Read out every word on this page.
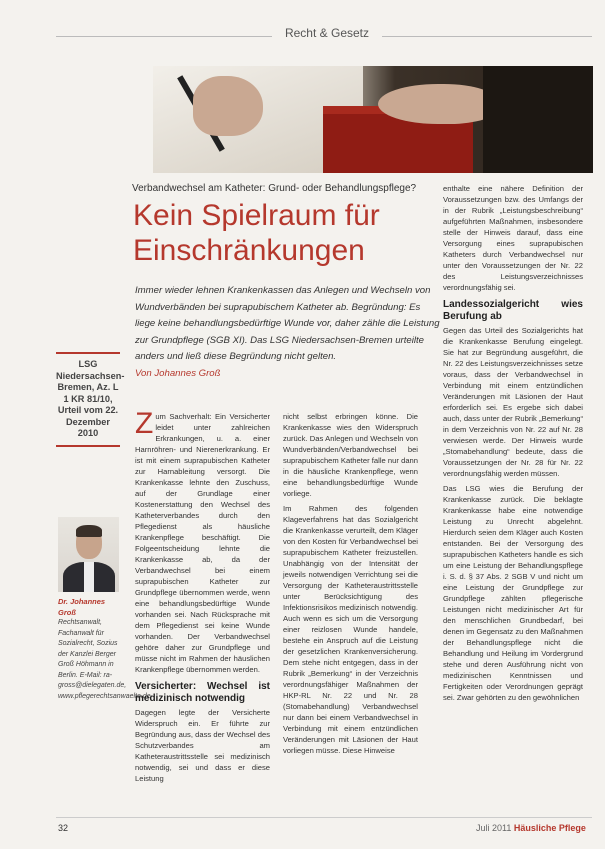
Recht & Gesetz
Verbandwechsel am Katheter: Grund- oder Behandlungspflege?
Kein Spielraum für Einschränkungen
Immer wieder lehnen Krankenkassen das Anlegen und Wechseln von Wundverbänden bei suprapubischem Katheter ab. Begründung: Es liege keine behandlungsbedürftige Wunde vor, daher zähle die Leistung zur Grundpflege (SGB XI). Das LSG Niedersachsen-Bremen urteilte anders und ließ diese Begründung nicht gelten.
Von Johannes Groß
LSG Niedersachsen-Bremen, Az. L 1 KR 81/10, Urteil vom 22. Dezember 2010
Dr. Johannes Groß
Rechtsanwalt, Fachanwalt für Sozialrecht, Sozius der Kanzlei Berger Groß Höhmann in Berlin. E-Mail: ra-gross@dielegaten.de, www.pflegerechtsanwaelte.de
Z um Sachverhalt: Ein Versicherter leidet unter zahlreichen Erkrankungen, u. a. einer Harnröhren- und Nierenerkrankung. Er ist mit einem suprapubischen Katheter zur Harnableitung versorgt. Die Krankenkasse lehnte den Zuschuss, auf der Grundlage einer Kostenerstattung den Wechsel des Katheterverbandes durch den Pflegedienst als häusliche Krankenpflege beschäftigt. Die Folgeentscheidung lehnte die Krankenkasse ab, da der Verbandwechsel bei einem suprapubischen Katheter zur Grundpflege übernommen werde, wenn eine behandlungsbedürftige Wunde vorhanden sei. Nach Rücksprache mit dem Pflegedienst sei keine Wunde vorhanden. Der Verbandwechsel gehöre daher zur Grundpflege und müsse nicht im Rahmen der häuslichen Krankenpflege übernommen werden.
Versicherter: Wechsel ist medizinisch notwendig
Dagegen legte der Versicherte Widerspruch ein. Er führte zur Begründung aus, dass der Wechsel des Schutzverbandes am Katheteraustrittsstelle sei medizinisch notwendig, sei und dass er diese Leistung
nicht selbst erbringen könne. Die Krankenkasse wies den Widerspruch zurück. Das Anlegen und Wechseln von Wundverbänden/Verbandwechsel bei suprapubischem Katheter falle nur dann in die häusliche Krankenpflege, wenn eine behandlungsbedürftige Wunde vorliege.
Im Rahmen des folgenden Klageverfahrens hat das Sozialgericht die Krankenkasse verurteilt, dem Kläger von den Kosten für Verbandwechsel bei suprapubischem Katheter freizustellen. Unabhängig von der Intensität der jeweils notwendigen Verrichtung sei die Versorgung der Katheteraustrittsstelle unter Berücksichtigung des Infektionsrisikos medizinisch notwendig. Auch wenn es sich um die Versorgung einer reizlosen Wunde handele, bestehe ein Anspruch auf die Leistung der gesetzlichen Krankenversicherung. Dem stehe nicht entgegen, dass in der Rubrik „Bemerkung“ in der Verzeichnis verordnungsfähiger Maßnahmen der HKP-RL Nr. 22 und Nr. 28 (Stomabehandlung) Verbandwechsel nur dann bei einem Verbandwechsel in Verbindung mit einem entzündlichen Veränderungen mit Läsionen der Haut vorliegen müsse. Diese Hinweise
enthalte eine nähere Definition der Voraussetzungen bzw. des Umfangs der in der Rubrik „Leistungsbeschreibung“ aufgeführten Maßnahmen, insbesondere stelle der Hinweis darauf, dass eine Versorgung eines suprapubischen Katheters durch Verbandwechsel nur unter den Voraussetzungen der Nr. 22 des Leistungsverzeichnisses verordnungsfähig sei.
Landessozialgericht wies Berufung ab
Gegen das Urteil des Sozialgerichts hat die Krankenkasse Berufung eingelegt. Sie hat zur Begründung ausgeführt, die Nr. 22 des Leistungsverzeichnisses setze voraus, dass der Verbandwechsel in Verbindung mit einem entzündlichen Veränderungen mit Läsionen der Haut erforderlich sei. Es ergebe sich dabei auch, dass unter der Rubrik „Bemerkung“ in dem Verzeichnis von Nr. 22 auf Nr. 28 verwiesen werde. Der Hinweis wurde „Stomabehandlung“ bedeute, dass die Voraussetzungen der Nr. 28 für Nr. 22 verordnungsfähig werden müssen.
Das LSG wies die Berufung der Krankenkasse zurück. Die beklagte Krankenkasse habe eine notwendige Leistung zu Unrecht abgelehnt. Hierdurch seien dem Kläger auch Kosten entstanden. Bei der Versorgung des suprapubischen Katheters handle es sich um eine Leistung der Behandlungspflege i. S. d. § 37 Abs. 2 SGB V und nicht um eine Leistung der Grundpflege zur Grundpflege zählten pflegerische Leistungen nicht medizinischer Art für den menschlichen Grundbedarf, bei denen im Gegensatz zu den Maßnahmen der Behandlungspflege nicht die Behandlung und Heilung im Vordergrund stehe und deren Ausführung nicht von medizinischen Kenntnissen und Fertigkeiten oder Verordnungen geprägt sei. Zwar gehörten zu den gewöhnlichen
32	Juli 2011 Häusliche Pflege
